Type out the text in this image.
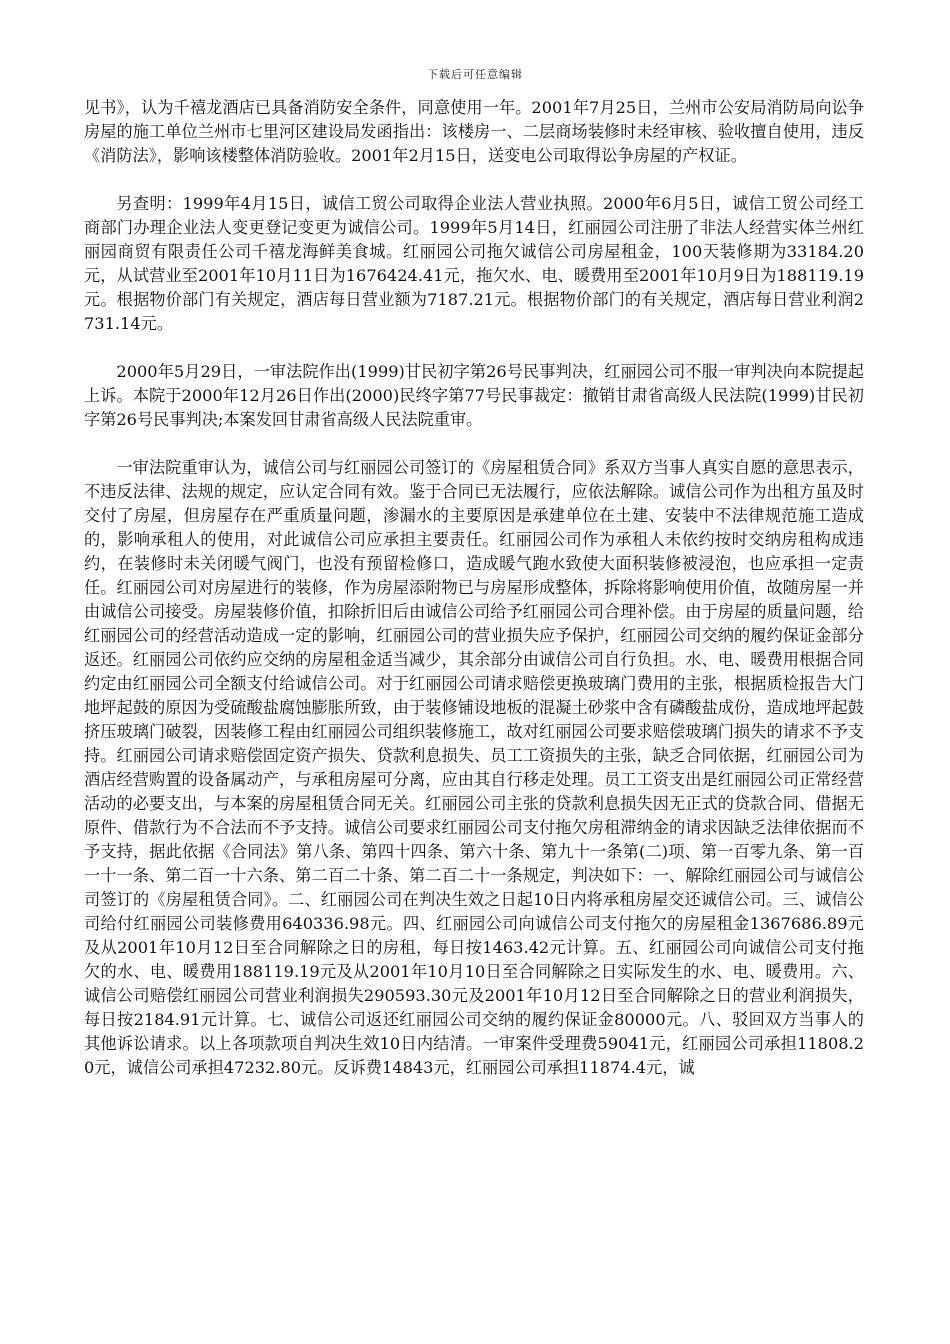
下载后可任意编辑

见书》，认为千禧龙酒店已具备消防安全条件，同意使用一年。2001年7月25日，兰州市公安局消防局向讼争房屋的施工单位兰州市七里河区建设局发函指出：该楼房一、二层商场装修时未经审核、验收擅自使用，违反《消防法》，影响该楼整体消防验收。2001年2月15日，送变电公司取得讼争房屋的产权证。

另查明：1999年4月15日，诚信工贸公司取得企业法人营业执照。2000年6月5日，诚信工贸公司经工商部门办理企业法人变更登记变更为诚信公司。1999年5月14日，红丽园公司注册了非法人经营实体兰州红丽园商贸有限责任公司千禧龙海鲜美食城。红丽园公司拖欠诚信公司房屋租金，100天装修期为33184.20元，从试营业至2001年10月11日为1676424.41元，拖欠水、电、暖费用至2001年10月9日为188119.19元。根据物价部门有关规定，酒店每日营业额为7187.21元。根据物价部门的有关规定，酒店每日营业利润2731.14元。

2000年5月29日，一审法院作出(1999)甘民初字第26号民事判决，红丽园公司不服一审判决向本院提起上诉。本院于2000年12月26日作出(2000)民终字第77号民事裁定：撤销甘肃省高级人民法院(1999)甘民初字第26号民事判决;本案发回甘肃省高级人民法院重审。

一审法院重审认为，诚信公司与红丽园公司签订的《房屋租赁合同》系双方当事人真实自愿的意思表示，不违反法律、法规的规定，应认定合同有效。鉴于合同已无法履行，应依法解除。诚信公司作为出租方虽及时交付了房屋，但房屋存在严重质量问题，渗漏水的主要原因是承建单位在土建、安装中不法律规范施工造成的，影响承租人的使用，对此诚信公司应承担主要责任。红丽园公司作为承租人未依约按时交纳房租构成违约，在装修时未关闭暖气阀门，也没有预留检修口，造成暖气跑水致使大面积装修被浸泡，也应承担一定责任。红丽园公司对房屋进行的装修，作为房屋添附物已与房屋形成整体，拆除将影响使用价值，故随房屋一并由诚信公司接受。房屋装修价值，扣除折旧后由诚信公司给予红丽园公司合理补偿。由于房屋的质量问题，给红丽园公司的经营活动造成一定的影响，红丽园公司的营业损失应予保护，红丽园公司交纳的履约保证金部分返还。红丽园公司依约应交纳的房屋租金适当减少，其余部分由诚信公司自行负担。水、电、暖费用根据合同约定由红丽园公司全额支付给诚信公司。对于红丽园公司请求赔偿更换玻璃门费用的主张，根据质检报告大门地坪起鼓的原因为受硫酸盐腐蚀膨胀所致，由于装修铺设地板的混凝土砂浆中含有磷酸盐成份，造成地坪起鼓挤压玻璃门破裂，因装修工程由红丽园公司组织装修施工，故对红丽园公司要求赔偿玻璃门损失的请求不予支持。红丽园公司请求赔偿固定资产损失、贷款利息损失、员工工资损失的主张，缺乏合同依据，红丽园公司为酒店经营购置的设备属动产，与承租房屋可分离，应由其自行移走处理。员工工资支出是红丽园公司正常经营活动的必要支出，与本案的房屋租赁合同无关。红丽园公司主张的贷款利息损失因无正式的贷款合同、借据无原件、借款行为不合法而不予支持。诚信公司要求红丽园公司支付拖欠房租滞纳金的请求因缺乏法律依据而不予支持，据此依据《合同法》第八条、第四十四条、第六十条、第九十一条第(二)项、第一百零九条、第一百一十一条、第二百一十六条、第二百二十条、第二百二十一条规定，判决如下：一、解除红丽园公司与诚信公司签订的《房屋租赁合同》。二、红丽园公司在判决生效之日起10日内将承租房屋交还诚信公司。三、诚信公司给付红丽园公司装修费用640336.98元。四、红丽园公司向诚信公司支付拖欠的房屋租金1367686.89元及从2001年10月12日至合同解除之日的房租，每日按1463.42元计算。五、红丽园公司向诚信公司支付拖欠的水、电、暖费用188119.19元及从2001年10月10日至合同解除之日实际发生的水、电、暖费用。六、诚信公司赔偿红丽园公司营业利润损失290593.30元及2001年10月12日至合同解除之日的营业利润损失，每日按2184.91元计算。七、诚信公司返还红丽园公司交纳的履约保证金80000元。八、驳回双方当事人的其他诉讼请求。以上各项款项自判决生效10日内结清。一审案件受理费59041元，红丽园公司承担11808.20元，诚信公司承担47232.80元。反诉费14843元，红丽园公司承担11874.4元，诚
